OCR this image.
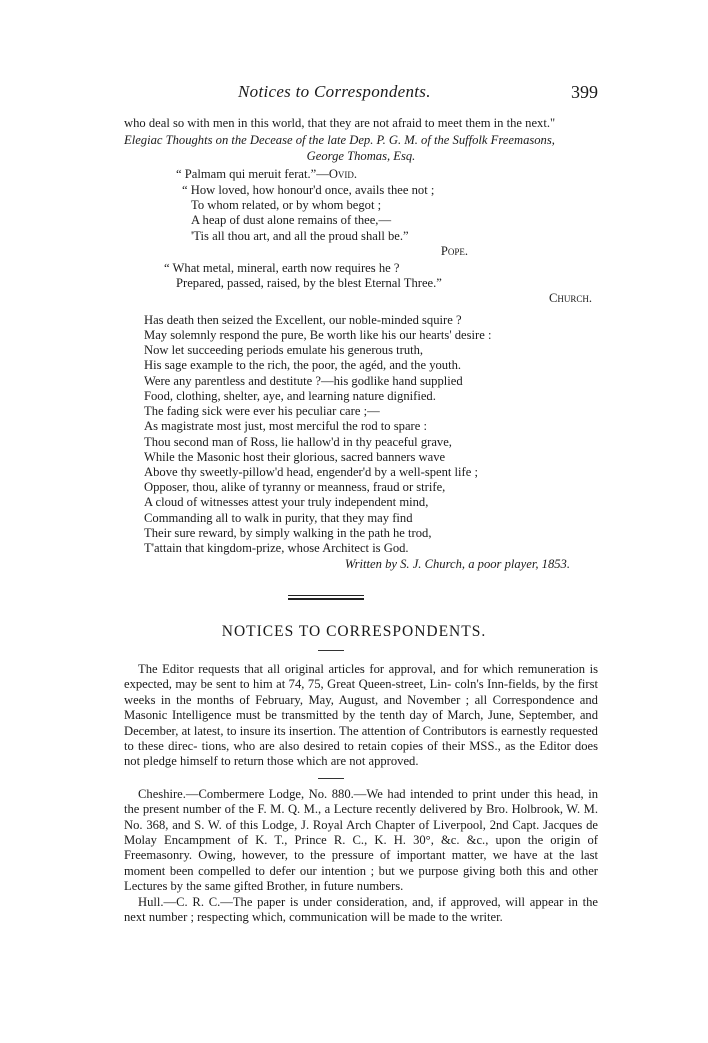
Notices to Correspondents.	399

who deal so with men in this world, that they are not afraid to meet them in the next."

Elegiac Thoughts on the Decease of the late Dep. P. G. M. of the Suffolk Freemasons,
George Thomas, Esq.
“ Palmam qui meruit ferat.”—Ovid.
“ How loved, how honour'd once, avails thee not ;
To whom related, or by whom begot ;
A heap of dust alone remains of thee,—
'Tis all thou art, and all the proud shall be.”
Pope.
“ What metal, mineral, earth now requires he ?
Prepared, passed, raised, by the blest Eternal Three.”
Church.
Has death then seized the Excellent, our noble-minded squire ?
May solemnly respond the pure, Be worth like his our hearts' desire :
Now let succeeding periods emulate his generous truth,
His sage example to the rich, the poor, the agéd, and the youth.
Were any parentless and destitute ?—his godlike hand supplied
Food, clothing, shelter, aye, and learning nature dignified.
The fading sick were ever his peculiar care ;—
As magistrate most just, most merciful the rod to spare :
Thou second man of Ross, lie hallow'd in thy peaceful grave,
While the Masonic host their glorious, sacred banners wave
Above thy sweetly-pillow'd head, engender'd by a well-spent life ;
Opposer, thou, alike of tyranny or meanness, fraud or strife,
A cloud of witnesses attest your truly independent mind,
Commanding all to walk in purity, that they may find
Their sure reward, by simply walking in the path he trod,
T'attain that kingdom-prize, whose Architect is God.
Written by S. J. Church, a poor player, 1853.
NOTICES TO CORRESPONDENTS.
The Editor requests that all original articles for approval, and for which remuneration is expected, may be sent to him at 74, 75, Great Queen-street, Lin- coln's Inn-fields, by the first weeks in the months of February, May, August, and November ; all Correspondence and Masonic Intelligence must be transmitted by the tenth day of March, June, September, and December, at latest, to insure its insertion. The attention of Contributors is earnestly requested to these direc- tions, who are also desired to retain copies of their MSS., as the Editor does not pledge himself to return those which are not approved.
Cheshire.—Combermere Lodge, No. 880.—We had intended to print under this head, in the present number of the F. M. Q. M., a Lecture recently delivered by Bro. Holbrook, W. M. No. 368, and S. W. of this Lodge, J. Royal Arch Chapter of Liverpool, 2nd Capt. Jacques de Molay Encampment of K. T., Prince R. C., K. H. 30°, &c. &c., upon the origin of Freemasonry. Owing, however, to the pressure of important matter, we have at the last moment been compelled to defer our intention ; but we purpose giving both this and other Lectures by the same gifted Brother, in future numbers.
Hull.—C. R. C.—The paper is under consideration, and, if approved, will appear in the next number ; respecting which, communication will be made to the writer.
